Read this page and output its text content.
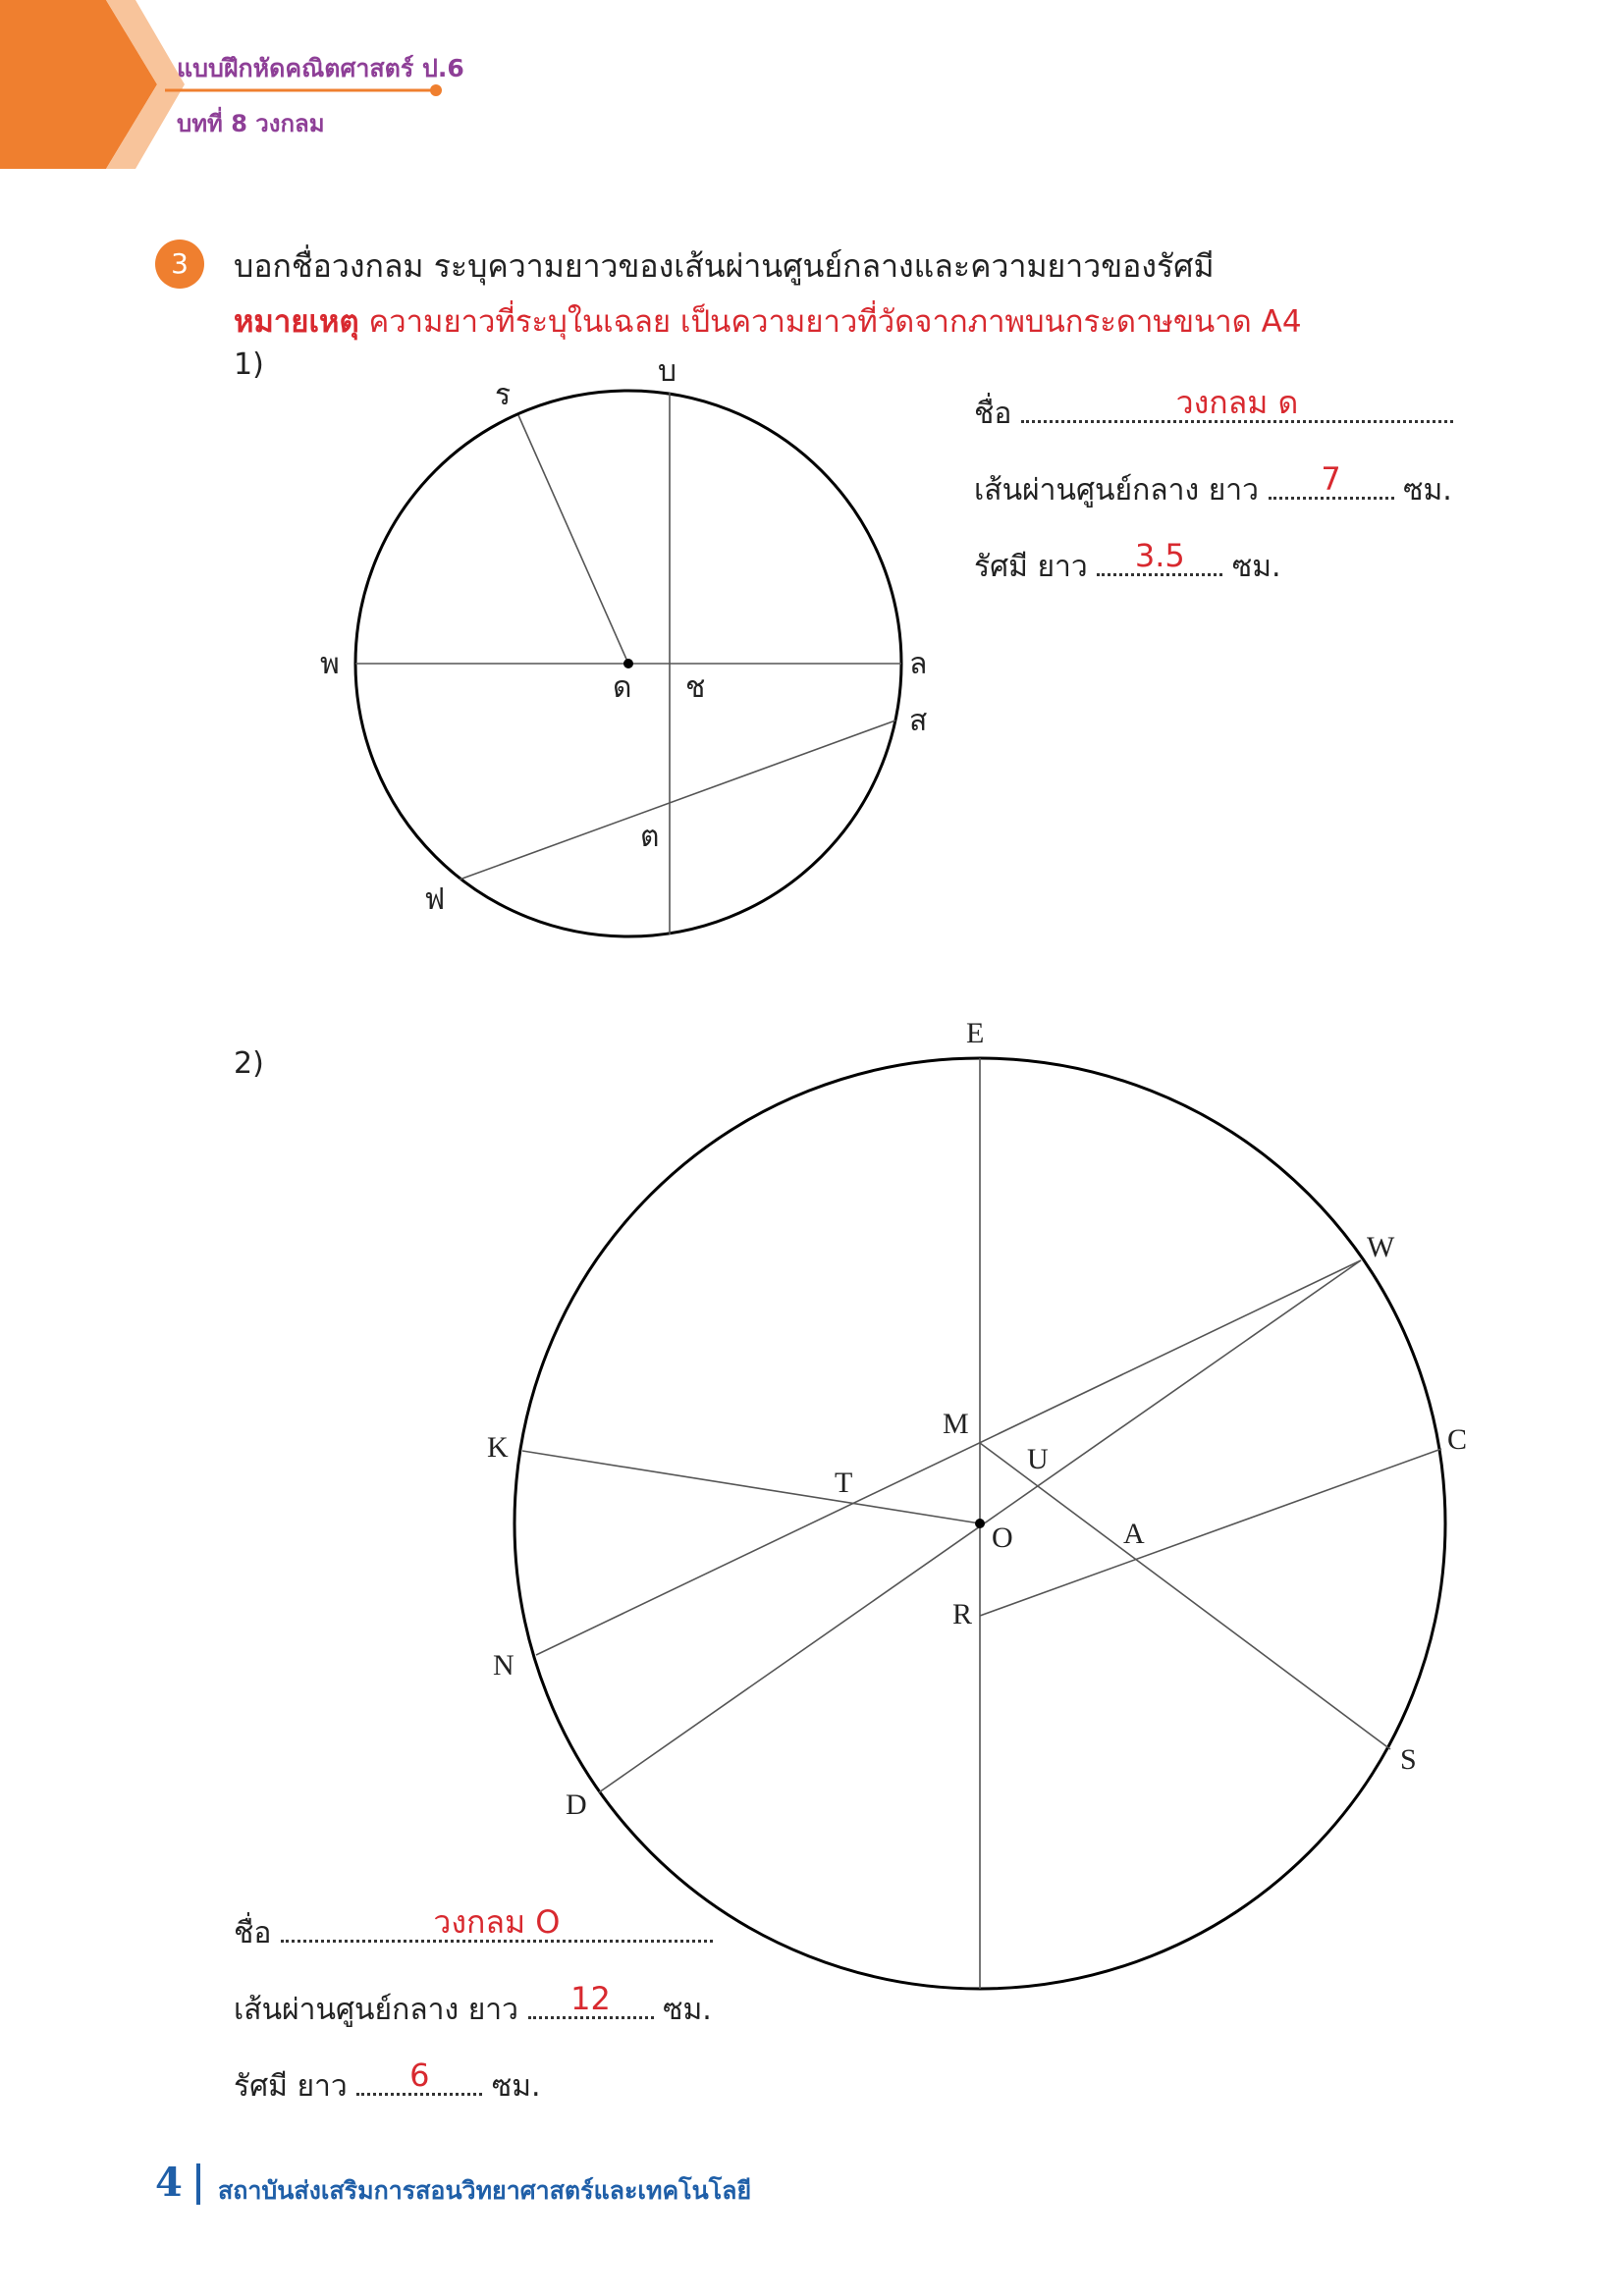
แบบฝึกหัดคณิตศาสตร์ ป.6
บทที่ 8 วงกลม
3	บอกชื่อวงกลม ระบุความยาวของเส้นผ่านศูนย์กลางและความยาวของรัศมี
หมายเหตุ ความยาวที่ระบุในเฉลย เป็นความยาวที่วัดจากภาพบนกระดาษขนาด A4
1)
ร
บ
พ	ล
ด ช
ส
ต
ฟ
ชื่อ	วงกลม ด
เส้นผ่านศูนย์กลาง ยาว	7	ซม.
รัศมี ยาว	3.5	ซม.
2)
E
W
C
K
M
U
T
O	A
R
N
S
D
ชื่อ	วงกลม O
เส้นผ่านศูนย์กลาง ยาว	12	ซม.
รัศมี ยาว	6	ซม.
4 สถาบันส่งเสริมการสอนวิทยาศาสตร์และเทคโนโลยี
